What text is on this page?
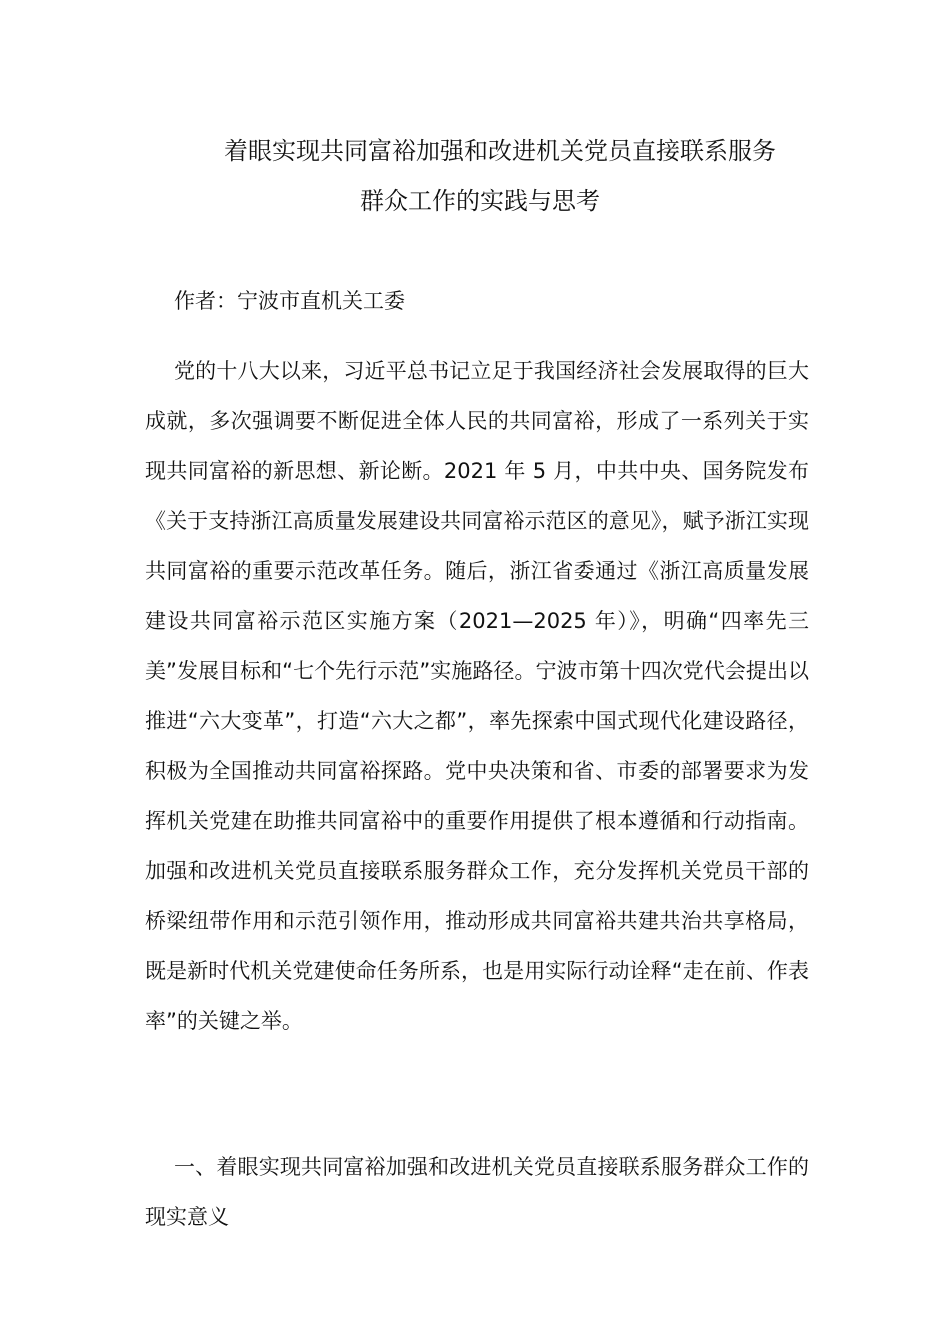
着眼实现共同富裕加强和改进机关党员直接联系服务
群众工作的实践与思考
作者：宁波市直机关工委

党的十八大以来，习近平总书记立足于我国经济社会发展取得的巨大成就，多次强调要不断促进全体人民的共同富裕，形成了一系列关于实现共同富裕的新思想、新论断。2021 年 5 月，中共中央、国务院发布《关于支持浙江高质量发展建设共同富裕示范区的意见》，赋予浙江实现共同富裕的重要示范改革任务。随后，浙江省委通过《浙江高质量发展建设共同富裕示范区实施方案（2021—2025 年）》，明确“四率先三美”发展目标和“七个先行示范”实施路径。宁波市第十四次党代会提出以推进“六大变革”，打造“六大之都”，率先探索中国式现代化建设路径，积极为全国推动共同富裕探路。党中央决策和省、市委的部署要求为发挥机关党建在助推共同富裕中的重要作用提供了根本遵循和行动指南。加强和改进机关党员直接联系服务群众工作，充分发挥机关党员干部的桥梁纽带作用和示范引领作用，推动形成共同富裕共建共治共享格局，既是新时代机关党建使命任务所系，也是用实际行动诠释“走在前、作表率”的关键之举。

一、着眼实现共同富裕加强和改进机关党员直接联系服务群众工作的现实意义
